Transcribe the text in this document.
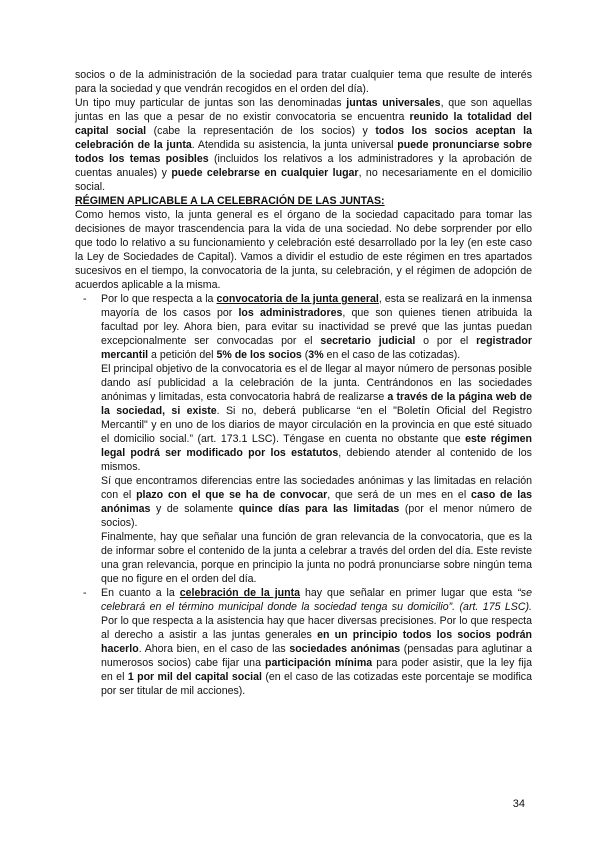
socios o de la administración de la sociedad para tratar cualquier tema que resulte de interés para la sociedad y que vendrán recogidos en el orden del día).

Un tipo muy particular de juntas son las denominadas juntas universales, que son aquellas juntas en las que a pesar de no existir convocatoria se encuentra reunido la totalidad del capital social (cabe la representación de los socios) y todos los socios aceptan la celebración de la junta. Atendida su asistencia, la junta universal puede pronunciarse sobre todos los temas posibles (incluidos los relativos a los administradores y la aprobación de cuentas anuales) y puede celebrarse en cualquier lugar, no necesariamente en el domicilio social.

RÉGIMEN APLICABLE A LA CELEBRACIÓN DE LAS JUNTAS:

Como hemos visto, la junta general es el órgano de la sociedad capacitado para tomar las decisiones de mayor trascendencia para la vida de una sociedad. No debe sorprender por ello que todo lo relativo a su funcionamiento y celebración esté desarrollado por la ley (en este caso la Ley de Sociedades de Capital). Vamos a dividir el estudio de este régimen en tres apartados sucesivos en el tiempo, la convocatoria de la junta, su celebración, y el régimen de adopción de acuerdos aplicable a la misma.

- Por lo que respecta a la convocatoria de la junta general, esta se realizará en la inmensa mayoría de los casos por los administradores, que son quienes tienen atribuida la facultad por ley. Ahora bien, para evitar su inactividad se prevé que las juntas puedan excepcionalmente ser convocadas por el secretario judicial o por el registrador mercantil a petición del 5% de los socios (3% en el caso de las cotizadas).

El principal objetivo de la convocatoria es el de llegar al mayor número de personas posible dando así publicidad a la celebración de la junta. Centrándonos en las sociedades anónimas y limitadas, esta convocatoria habrá de realizarse a través de la página web de la sociedad, si existe. Si no, deberá publicarse “en el "Boletín Oficial del Registro Mercantil" y en uno de los diarios de mayor circulación en la provincia en que esté situado el domicilio social.” (art. 173.1 LSC). Téngase en cuenta no obstante que este régimen legal podrá ser modificado por los estatutos, debiendo atender al contenido de los mismos.

Sí que encontramos diferencias entre las sociedades anónimas y las limitadas en relación con el plazo con el que se ha de convocar, que será de un mes en el caso de las anónimas y de solamente quince días para las limitadas (por el menor número de socios).

Finalmente, hay que señalar una función de gran relevancia de la convocatoria, que es la de informar sobre el contenido de la junta a celebrar a través del orden del día. Este reviste una gran relevancia, porque en principio la junta no podrá pronunciarse sobre ningún tema que no figure en el orden del día.

- En cuanto a la celebración de la junta hay que señalar en primer lugar que esta “se celebrará en el término municipal donde la sociedad tenga su domicilio”. (art. 175 LSC). Por lo que respecta a la asistencia hay que hacer diversas precisiones. Por lo que respecta al derecho a asistir a las juntas generales en un principio todos los socios podrán hacerlo. Ahora bien, en el caso de las sociedades anónimas (pensadas para aglutinar a numerosos socios) cabe fijar una participación mínima para poder asistir, que la ley fija en el 1 por mil del capital social (en el caso de las cotizadas este porcentaje se modifica por ser titular de mil acciones).

34
